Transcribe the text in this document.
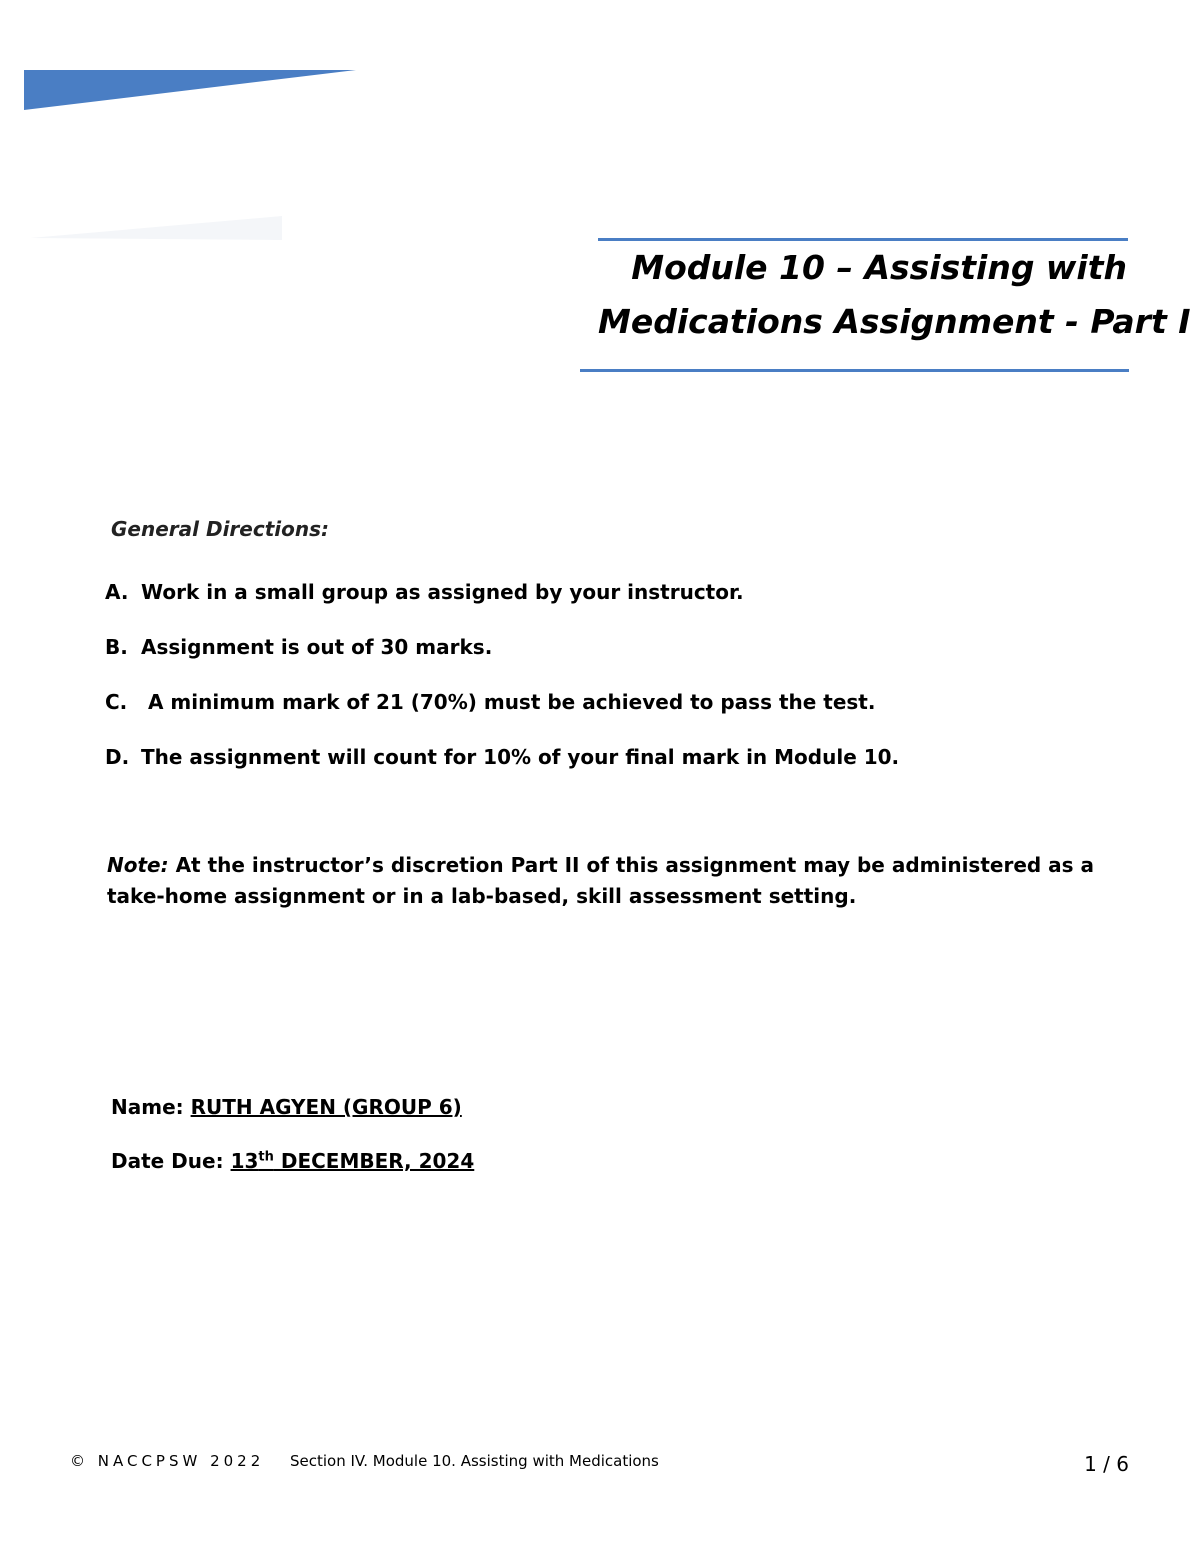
Module 10 – Assisting with
Medications Assignment - Part I
General Directions:
A. Work in a small group as assigned by your instructor.
B. Assignment is out of 30 marks.
C. A minimum mark of 21 (70%) must be achieved to pass the test.
D. The assignment will count for 10% of your final mark in Module 10.
Note: At the instructor’s discretion Part II of this assignment may be administered as a take-home assignment or in a lab-based, skill assessment setting.
Name: RUTH AGYEN (GROUP 6)
Date Due: 13th DECEMBER, 2024
© NACCPSW 2022 Section IV. Module 10. Assisting with Medications	1 / 6
